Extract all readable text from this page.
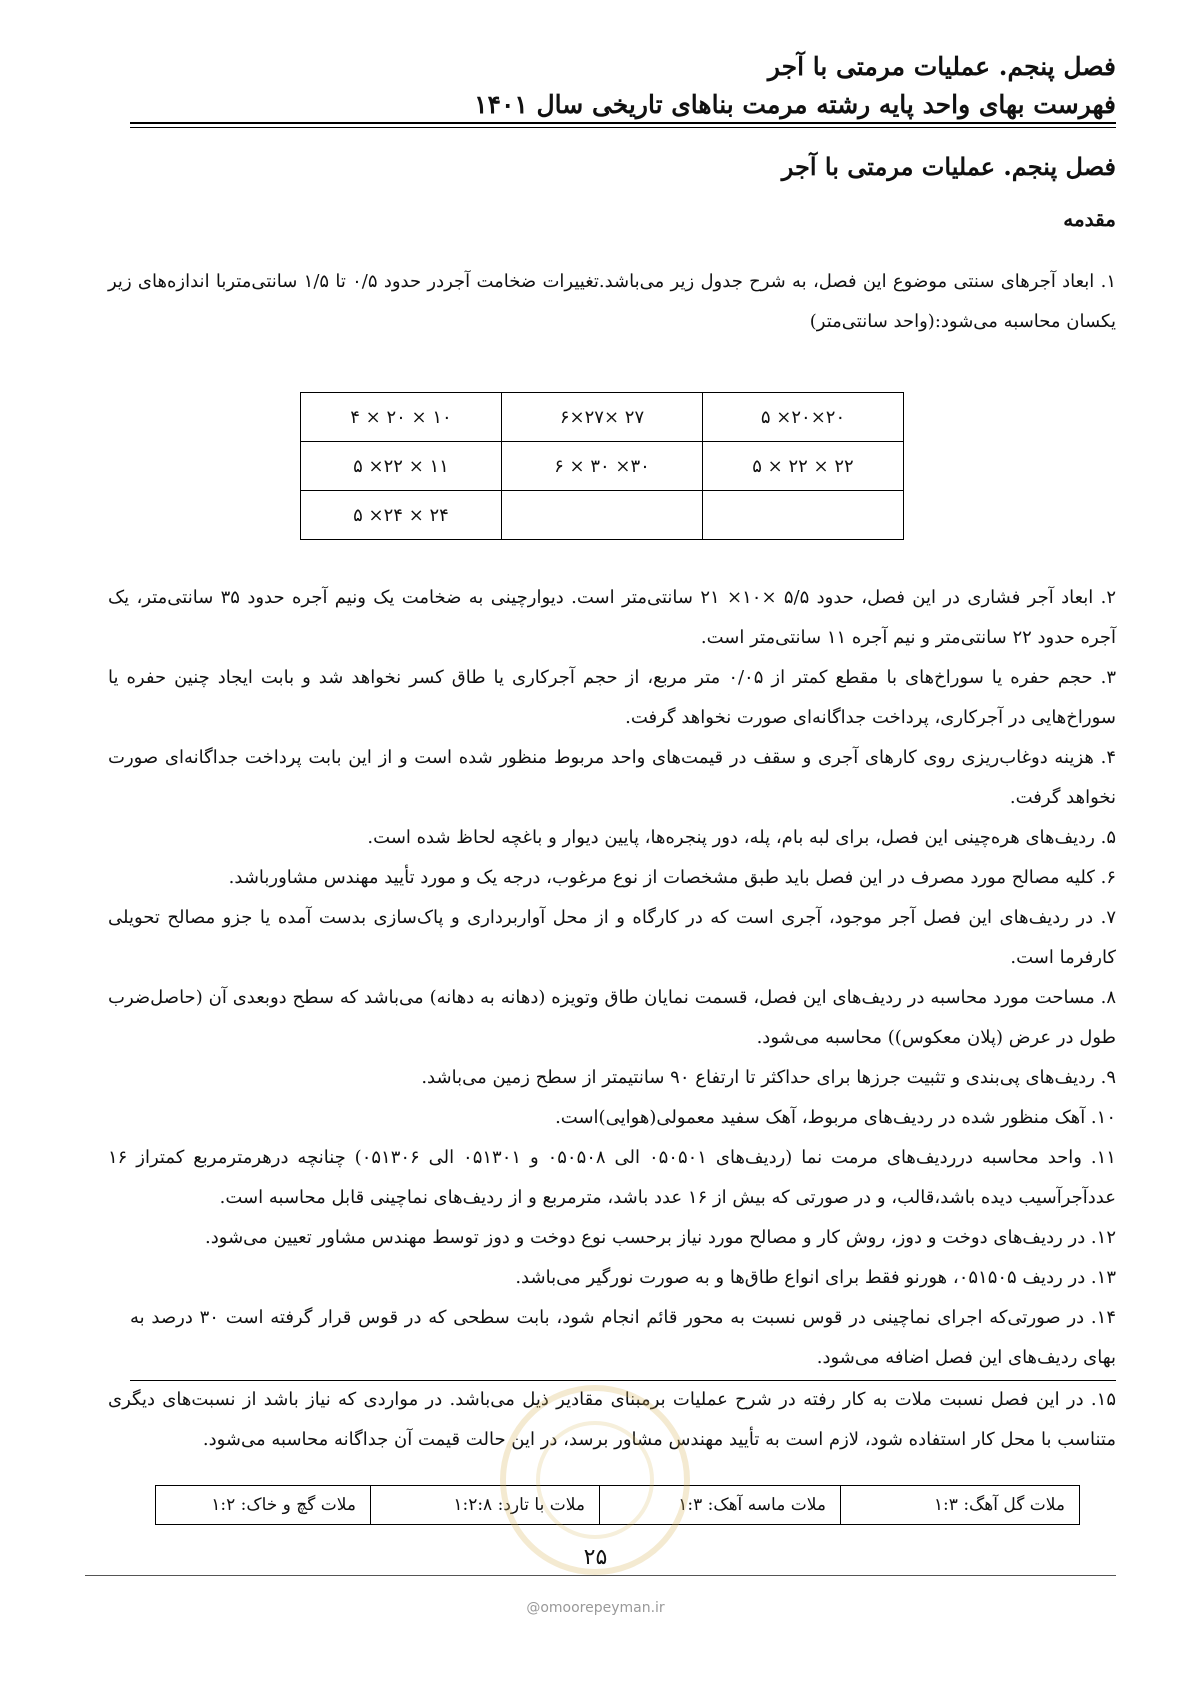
فصل پنجم. عملیات مرمتی با آجر
فهرست بهای واحد پایه رشته مرمت بناهای تاریخی سال ۱۴۰۱
فصل پنجم. عملیات مرمتی با آجر
مقدمه
۱. ابعاد آجرهای سنتی موضوع این فصل، به شرح جدول زیر می‌باشد.تغییرات ضخامت آجردر حدود ۰/۵ تا ۱/۵ سانتی‌متربا اندازه‌های زیر یکسان محاسبه می‌شود:(واحد سانتی‌متر)
۲۰×۲۰× ۵	۲۷ ×۲۷×۶	۱۰ × ۲۰ × ۴
۲۲ × ۲۲ × ۵	۳۰× ۳۰ × ۶	۱۱ × ۲۲× ۵
		۲۴ × ۲۴× ۵
۲. ابعاد آجر فشاری در این فصل، حدود ۵/۵ ×۱۰× ۲۱ سانتی‌متر است. دیوارچینی به ضخامت یک ونیم آجره حدود ۳۵ سانتی‌متر، یک آجره حدود ۲۲ سانتی‌متر و نیم آجره ۱۱ سانتی‌متر است.
۳. حجم حفره یا سوراخ‌های با مقطع کمتر از ۰/۰۵ متر مربع، از حجم آجرکاری یا طاق کسر نخواهد شد و بابت ایجاد چنین حفره یا سوراخ‌هایی در آجرکاری، پرداخت جداگانه‌ای صورت نخواهد گرفت.
۴. هزینه دوغاب‌ریزی روی کارهای آجری و سقف در قیمت‌های واحد مربوط منظور شده است و از این بابت پرداخت جداگانه‌ای صورت نخواهد گرفت.
۵. ردیف‌های هره‌چینی این فصل، برای لبه بام، پله، دور پنجره‌ها، پایین دیوار و باغچه لحاظ شده است.
۶. کلیه مصالح مورد مصرف در این فصل باید طبق مشخصات از نوع مرغوب، درجه یک و مورد تأیید مهندس مشاورباشد.
۷. در ردیف‌های این فصل آجر موجود، آجری است که در کارگاه و از محل آواربرداری و پاک‌سازی بدست آمده یا جزو مصالح تحویلی کارفرما است.
۸. مساحت مورد محاسبه در ردیف‌های این فصل، قسمت نمایان طاق وتویزه (دهانه به دهانه) می‌باشد که سطح دوبعدی آن (حاصل‌ضرب طول در عرض (پلان معکوس)) محاسبه می‌شود.
۹. ردیف‌های پی‌بندی و تثبیت جرزها برای حداکثر تا ارتفاع ۹۰ سانتیمتر از سطح زمین می‌باشد.
۱۰. آهک منظور شده در ردیف‌های مربوط، آهک سفید معمولی(هوایی)است.
۱۱. واحد محاسبه درردیف‌های مرمت نما (ردیف‌های ۰۵۰۵۰۱ الی ۰۵۰۵۰۸ و ۰۵۱۳۰۱ الی ۰۵۱۳۰۶) چنانچه درهرمترمربع کمتراز ۱۶ عددآجرآسیب دیده باشد،قالب، و در صورتی که بیش از ۱۶ عدد باشد، مترمربع و از ردیف‌های نماچینی قابل محاسبه است.
۱۲. در ردیف‌های دوخت و دوز، روش کار و مصالح مورد نیاز برحسب نوع دوخت و دوز توسط مهندس مشاور تعیین می‌شود.
۱۳. در ردیف ۰۵۱۵۰۵، هورنو فقط برای انواع طاق‌ها و به صورت نورگیر می‌باشد.
۱۴. در صورتی‌که اجرای نماچینی در قوس نسبت به محور قائم انجام شود، بابت سطحی که در قوس قرار گرفته است ۳۰ درصد به بهای ردیف‌های این فصل اضافه می‌شود.
۱۵. در این فصل نسبت ملات به کار رفته در شرح عملیات برمبنای مقادیر ذیل می‌باشد. در مواردی که نیاز باشد از نسبت‌های دیگری متناسب با محل کار استفاده شود، لازم است به تأیید مهندس مشاور برسد، در این حالت قیمت آن جداگانه محاسبه می‌شود.
ملات گل آهگ: ۱:۳	ملات ماسه آهک: ۱:۳	ملات با تارد: ۱:۲:۸	ملات گچ و خاک: ۱:۲
۲۵
@omoorepeyman.ir
